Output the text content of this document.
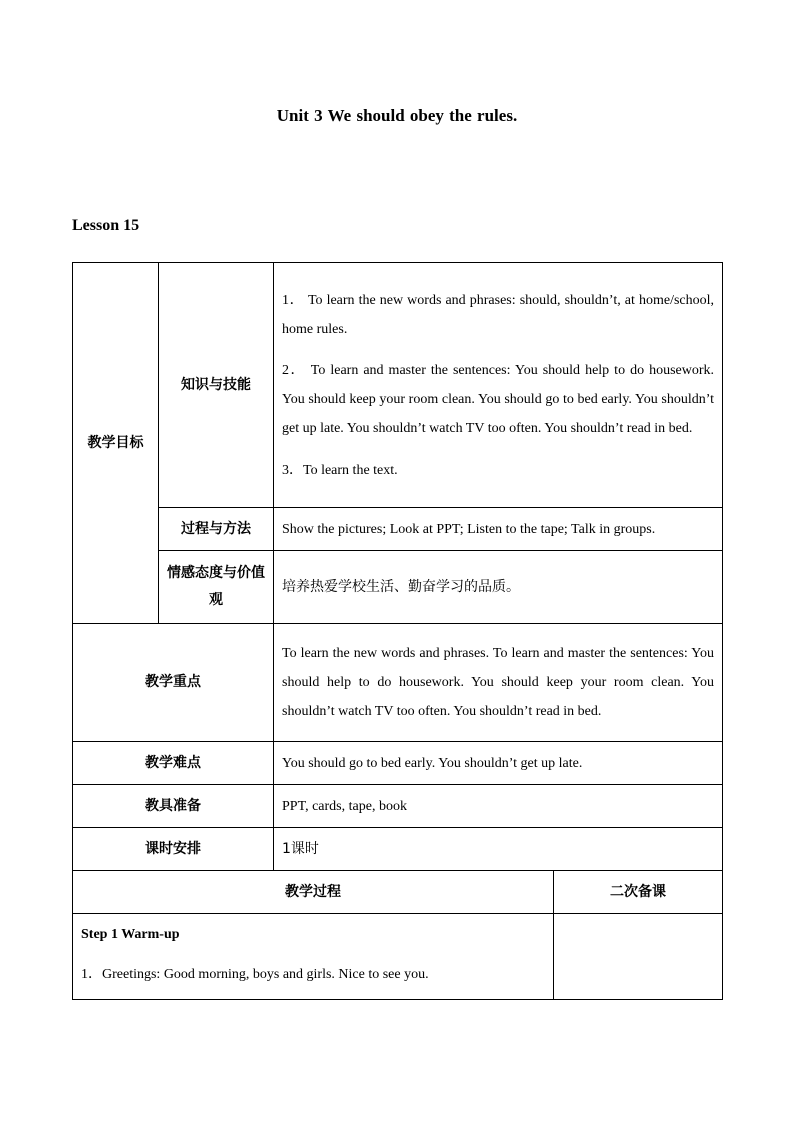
Unit 3 We should obey the rules.
Lesson 15
教学目标	知识与技能	1． To learn the new words and phrases: should, shouldn’t, at home/school, home rules.

2． To learn and master the sentences: You should help to do housework. You should keep your room clean. You should go to bed early. You shouldn’t get up late. You shouldn’t watch TV too often. You shouldn’t read in bed.

3．To learn the text.	

	过程与方法	Show the pictures; Look at PPT; Listen to the tape; Talk in groups.	
	情感态度与价值观	培养热爱学校生活、勤奋学习的品质。	
教学重点		To learn the new words and phrases. To learn and master the sentences: You should help to do housework. You should keep your room clean. You shouldn’t watch TV too often. You shouldn’t read in bed.	
教学难点		You should go to bed early. You shouldn’t get up late.	
教具准备		PPT, cards, tape, book	
课时安排		1课时	
教学过程			二次备课

Step 1 Warm-up

1．Greetings: Good morning, boys and girls. Nice to see you.			
